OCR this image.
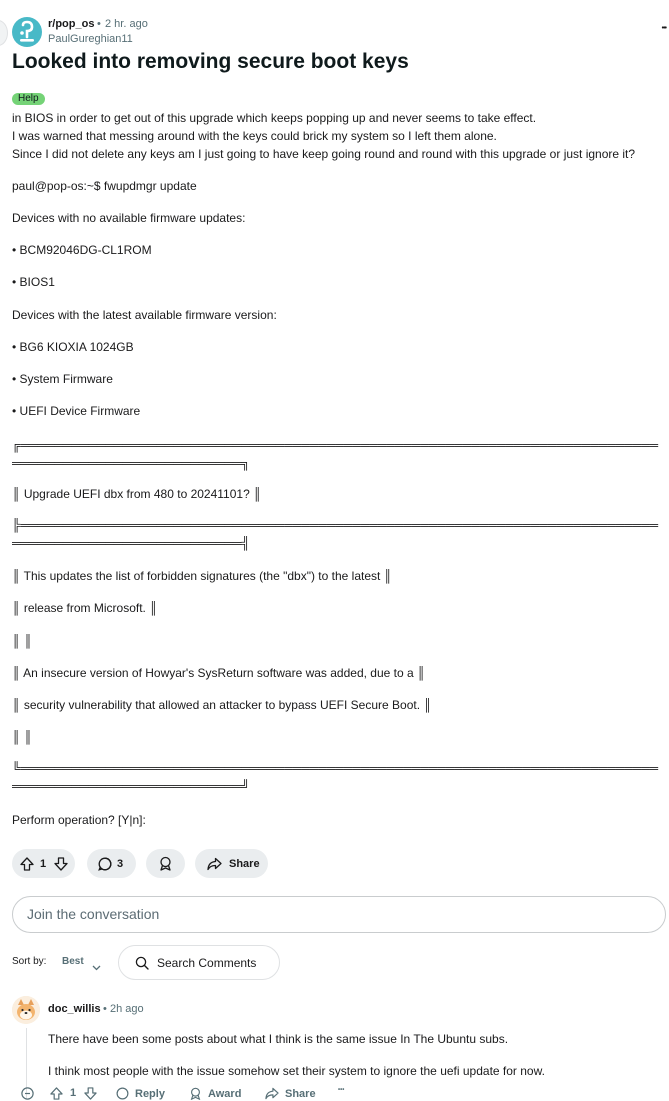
r/pop_os • 2 hr. ago
PaulGureghian11
•••
Looked into removing secure boot keys
Help
in BIOS in order to get out of this upgrade which keeps popping up and never seems to take effect.
I was warned that messing around with the keys could brick my system so I left them alone.
Since I did not delete any keys am I just going to have keep going round and round with this upgrade or just ignore it?
paul@pop-os:~$ fwupdmgr update
Devices with no available firmware updates:
• BCM92046DG-CL1ROM
• BIOS1
Devices with the latest available firmware version:
• BG6 KIOXIA 1024GB
• System Firmware
• UEFI Device Firmware
╔══════════════════════════════════════════════════════════════════════════════════════════════════════╗
║ Upgrade UEFI dbx from 480 to 20241101? ║
╠══════════════════════════════════════════════════════════════════════════════════════════════════════╣
║ This updates the list of forbidden signatures (the "dbx") to the latest ║
║ release from Microsoft. ║
║ ║
║ An insecure version of Howyar's SysReturn software was added, due to a ║
║ security vulnerability that allowed an attacker to bypass UEFI Secure Boot. ║
║ ║
╚══════════════════════════════════════════════════════════════════════════════════════════════════════╝
Perform operation? [Y|n]:
1	3	Share
Join the conversation
Sort by: Best	Search Comments
doc_willis • 2h ago
There have been some posts about what I think is the same issue In The Ubuntu subs.
I think most people with the issue somehow set their system to ignore the uefi update for now.
1	Reply	Award	Share	•••
